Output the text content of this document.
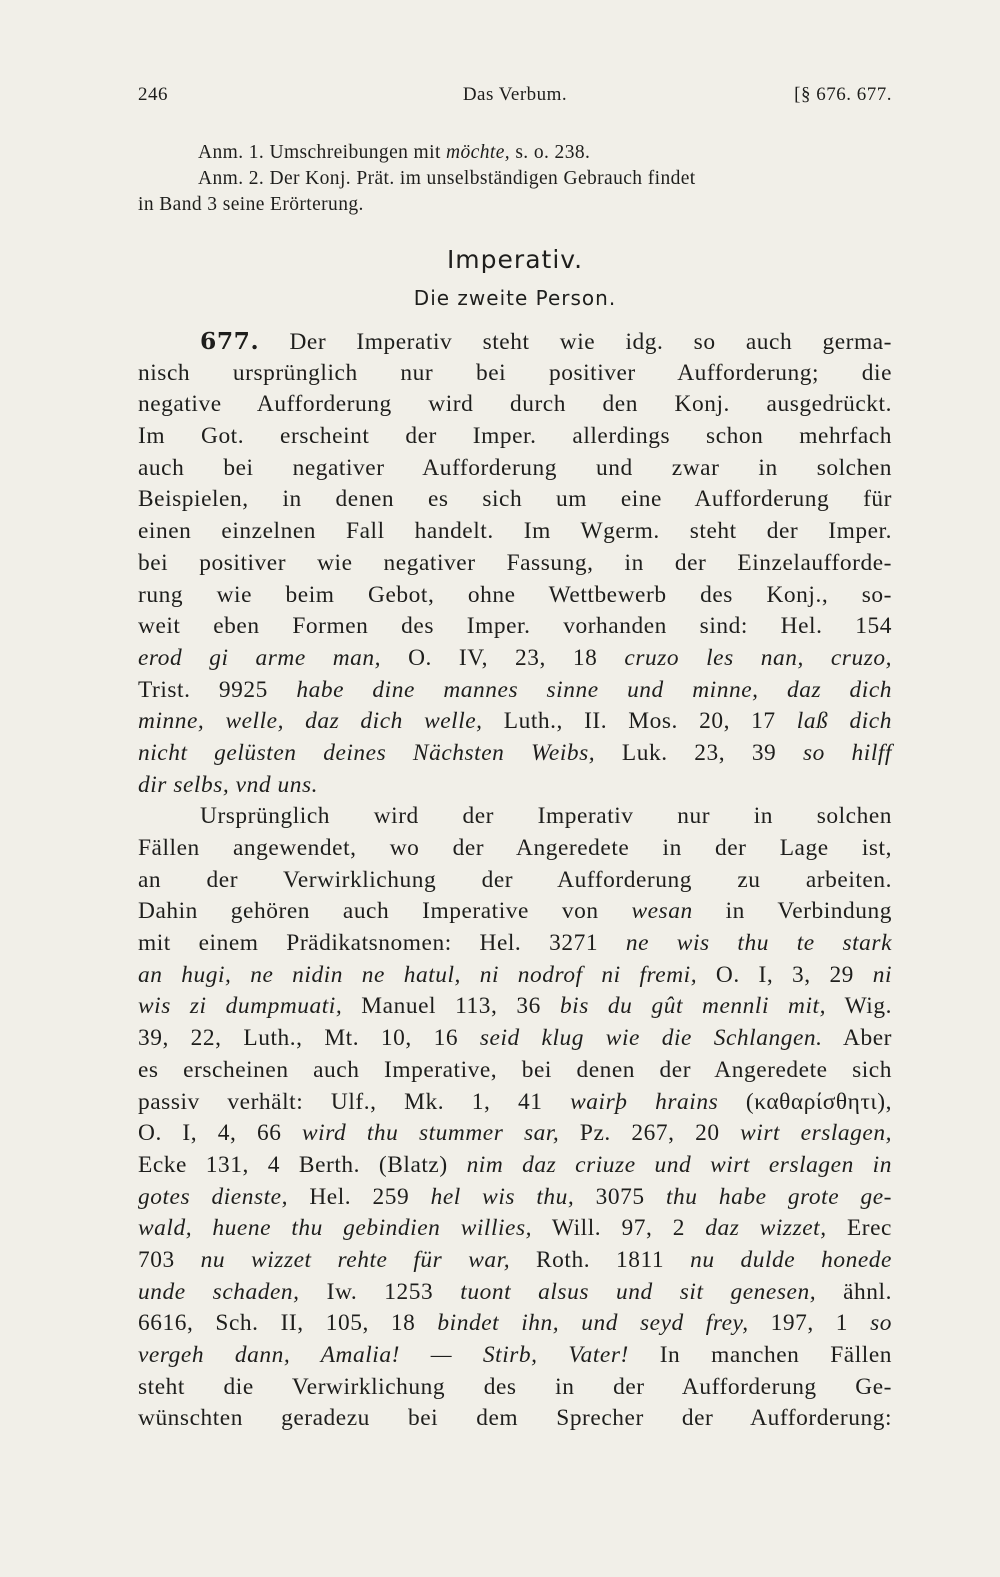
246	Das Verbum.	[§ 676. 677.
Anm. 1. Umschreibungen mit möchte, s. o. 238.
Anm. 2. Der Konj. Prät. im unselbständigen Gebrauch findet
in Band 3 seine Erörterung.
Imperativ.
Die zweite Person.
677. Der Imperativ steht wie idg. so auch germa-
nisch ursprünglich nur bei positiver Aufforderung; die
negative Aufforderung wird durch den Konj. ausgedrückt.
Im Got. erscheint der Imper. allerdings schon mehrfach
auch bei negativer Aufforderung und zwar in solchen
Beispielen, in denen es sich um eine Aufforderung für
einen einzelnen Fall handelt. Im Wgerm. steht der Imper.
bei positiver wie negativer Fassung, in der Einzelaufforde-
rung wie beim Gebot, ohne Wettbewerb des Konj., so-
weit eben Formen des Imper. vorhanden sind: Hel. 154
erod gi arme man, O. IV, 23, 18 cruzo les nan, cruzo,
Trist. 9925 habe dine mannes sinne und minne, daz dich
minne, welle, daz dich welle, Luth., II. Mos. 20, 17 laß dich
nicht gelüsten deines Nächsten Weibs, Luk. 23, 39 so hilff
dir selbs, vnd uns.
Ursprünglich wird der Imperativ nur in solchen
Fällen angewendet, wo der Angeredete in der Lage ist,
an der Verwirklichung der Aufforderung zu arbeiten.
Dahin gehören auch Imperative von wesan in Verbindung
mit einem Prädikatsnomen: Hel. 3271 ne wis thu te stark
an hugi, ne nidin ne hatul, ni nodrof ni fremi, O. I, 3, 29 ni
wis zi dumpmuati, Manuel 113, 36 bis du gût mennli mit, Wig.
39, 22, Luth., Mt. 10, 16 seid klug wie die Schlangen. Aber
es erscheinen auch Imperative, bei denen der Angeredete sich
passiv verhält: Ulf., Mk. 1, 41 wairþ hrains (καθαρίσθητι),
O. I, 4, 66 wird thu stummer sar, Pz. 267, 20 wirt erslagen,
Ecke 131, 4 Berth. (Blatz) nim daz criuze und wirt erslagen in
gotes dienste, Hel. 259 hel wis thu, 3075 thu habe grote ge-
wald, huene thu gebindien willies, Will. 97, 2 daz wizzet, Erec
703 nu wizzet rehte für war, Roth. 1811 nu dulde honede
unde schaden, Iw. 1253 tuont alsus und sit genesen, ähnl.
6616, Sch. II, 105, 18 bindet ihn, und seyd frey, 197, 1 so
vergeh dann, Amalia! — Stirb, Vater! In manchen Fällen
steht die Verwirklichung des in der Aufforderung Ge-
wünschten geradezu bei dem Sprecher der Aufforderung:
